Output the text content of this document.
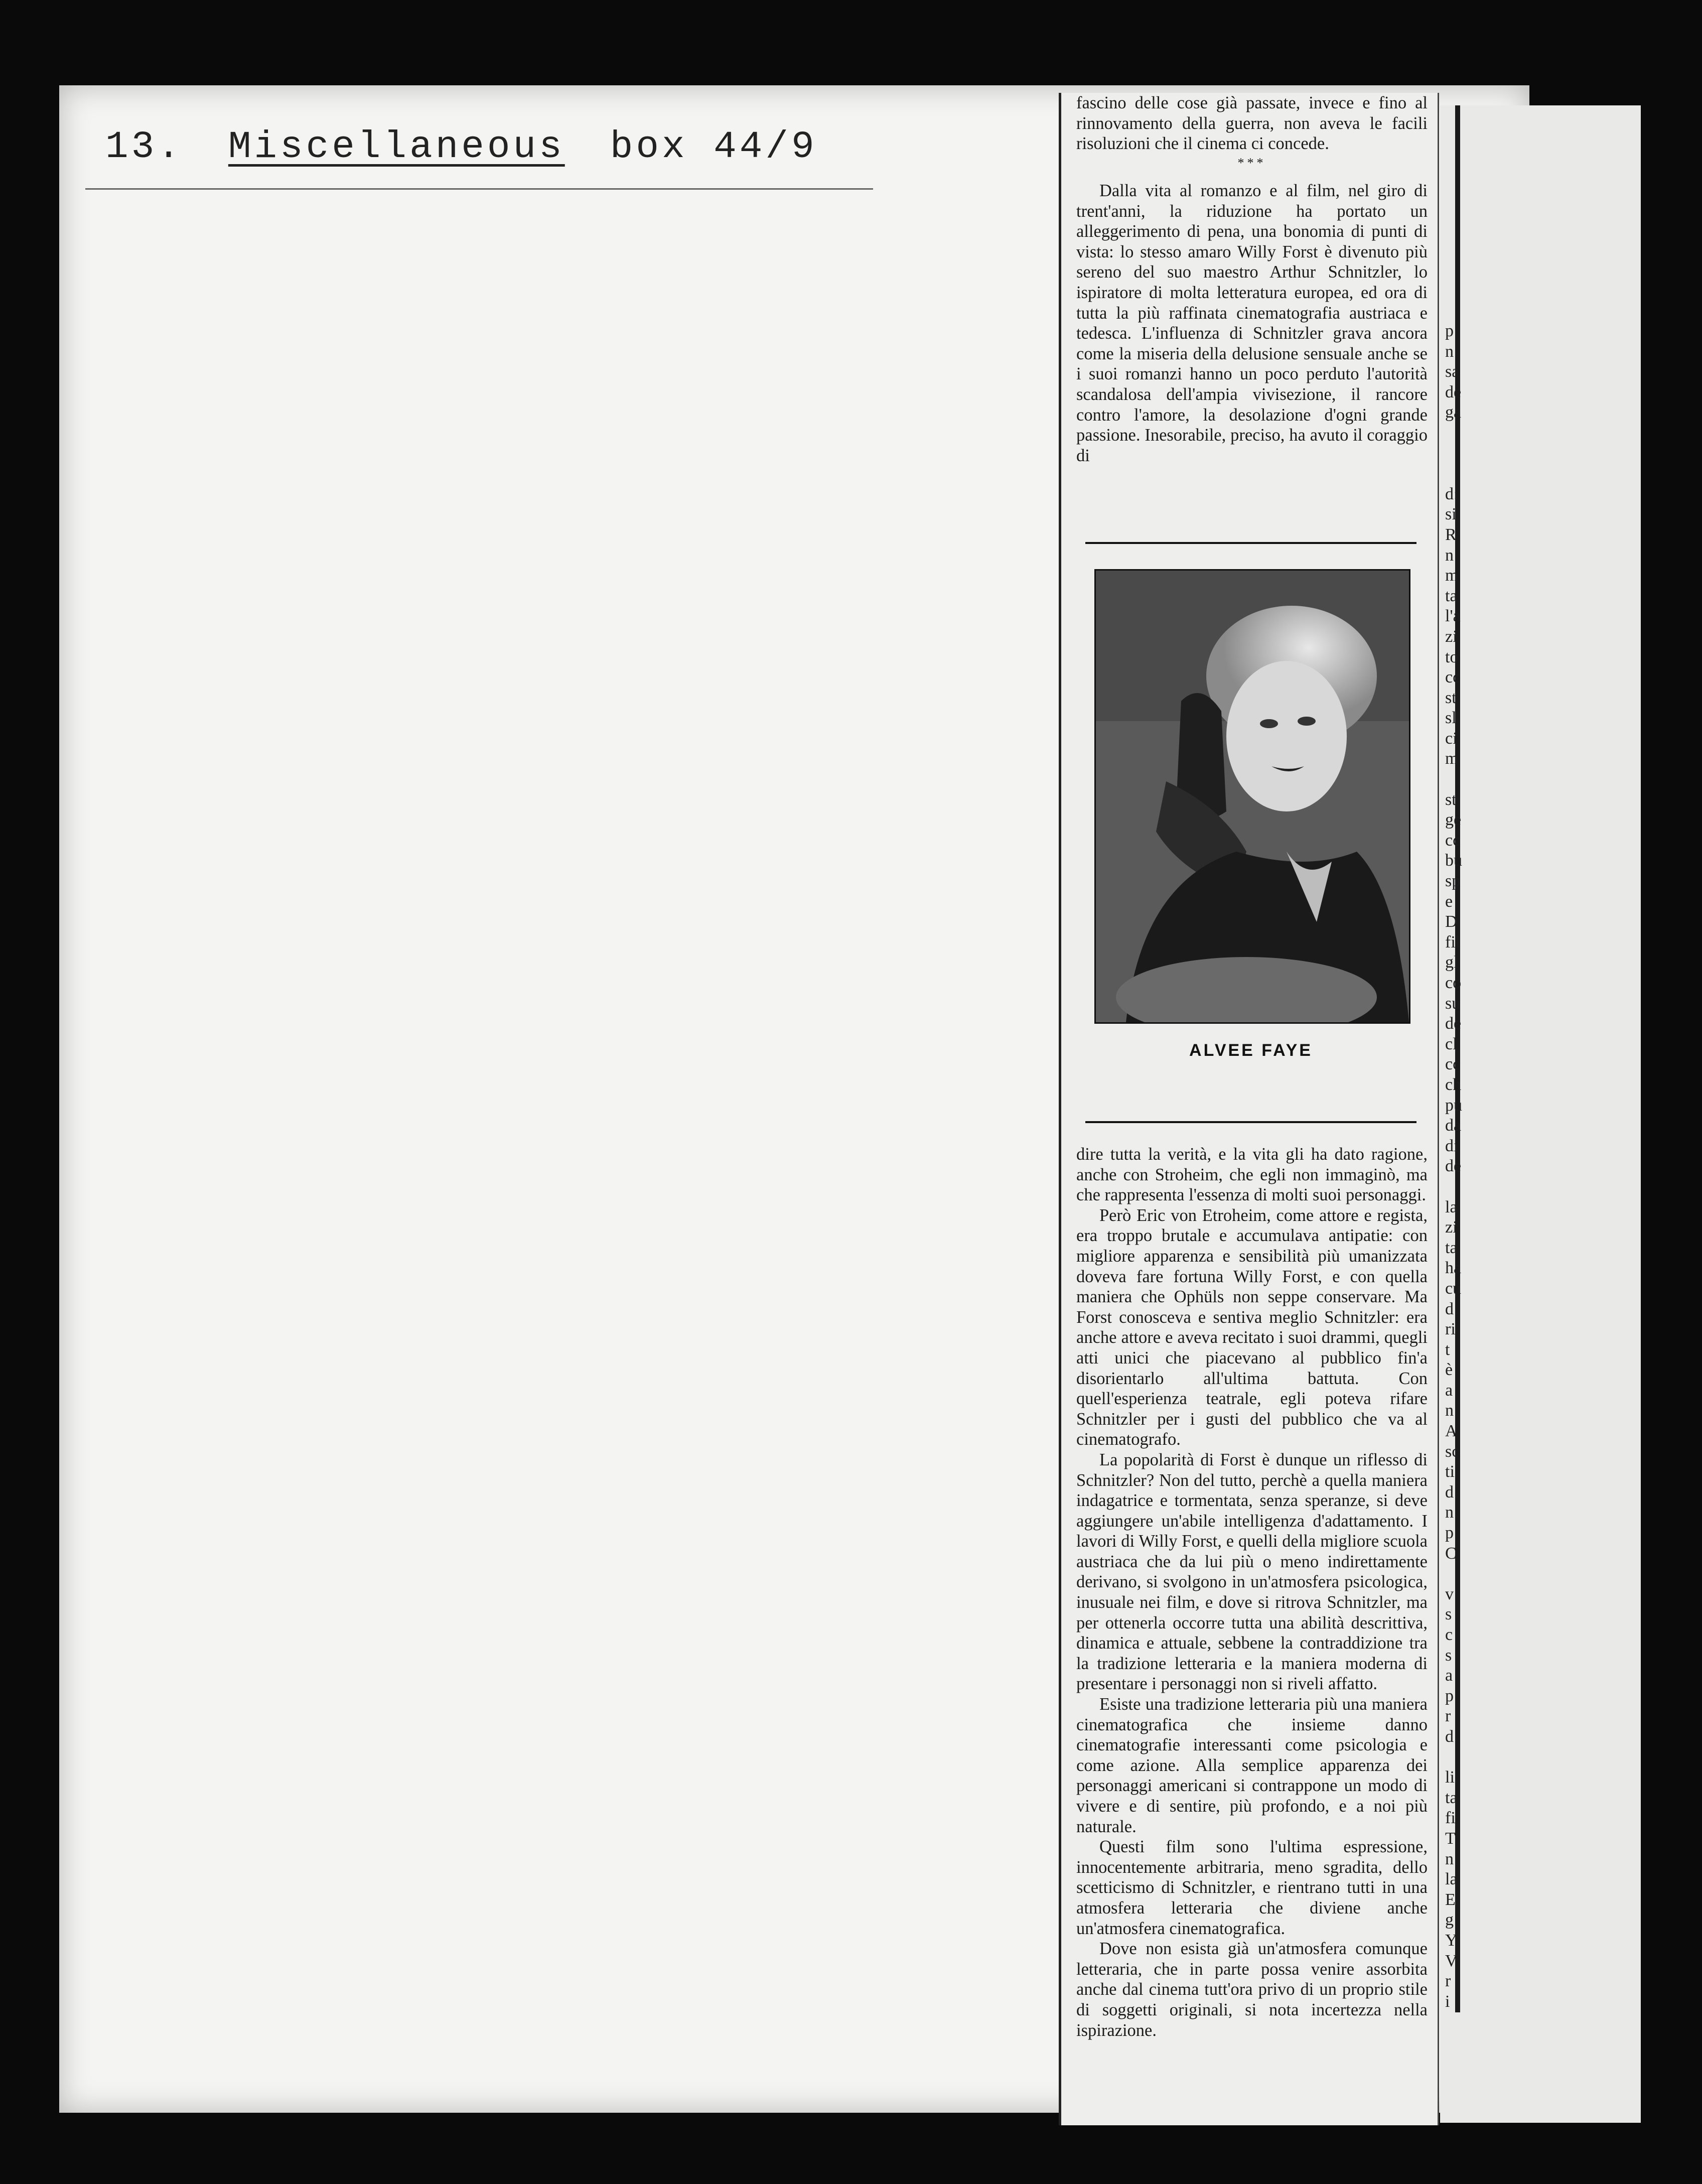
13. Miscellaneous box 44/9

fascino delle cose già passate, invece e fino al rinnovamento della guerra, non aveva le facili risoluzioni che il cinema ci concede.

***

Dalla vita al romanzo e al film, nel giro di trent'anni, la riduzione ha portato un alleggerimento di pena, una bonomia di punti di vista: lo stesso amaro Willy Forst è divenuto più sereno del suo maestro Arthur Schnitzler, lo ispiratore di molta letteratura europea, ed ora di tutta la più raffinata cinematografia austriaca e tedesca. L'influenza di Schnitzler grava ancora come la miseria della delusione sensuale anche se i suoi romanzi hanno un poco perduto l'autorità scandalosa dell'ampia vivisezione, il rancore contro l'amore, la desolazione d'ogni grande passione. Inesorabile, preciso, ha avuto il coraggio di

ALVEE FAYE

dire tutta la verità, e la vita gli ha dato ragione, anche con Stroheim, che egli non immaginò, ma che rappresenta l'essenza di molti suoi personaggi.

Però Eric von Etroheim, come attore e regista, era troppo brutale e accumulava antipatie: con migliore apparenza e sensibilità più umanizzata doveva fare fortuna Willy Forst, e con quella maniera che Ophüls non seppe conservare. Ma Forst conosceva e sentiva meglio Schnitzler: era anche attore e aveva recitato i suoi drammi, quegli atti unici che piacevano al pubblico fin'a disorientarlo all'ultima battuta. Con quell'esperienza teatrale, egli poteva rifare Schnitzler per i gusti del pubblico che va al cinematografo.

La popolarità di Forst è dunque un riflesso di Schnitzler? Non del tutto, perchè a quella maniera indagatrice e tormentata, senza speranze, si deve aggiungere un'abile intelligenza d'adattamento. I lavori di Willy Forst, e quelli della migliore scuola austriaca che da lui più o meno indirettamente derivano, si svolgono in un'atmosfera psicologica, inusuale nei film, e dove si ritrova Schnitzler, ma per ottenerla occorre tutta una abilità descrittiva, dinamica e attuale, sebbene la contraddizione tra la tradizione letteraria e la maniera moderna di presentare i personaggi non si riveli affatto.

Esiste una tradizione letteraria più una maniera cinematografica che insieme danno cinematografie interessanti come psicologia e come azione. Alla semplice apparenza dei personaggi americani si contrappone un modo di vivere e di sentire, più profondo, e a noi più naturale.

Questi film sono l'ultima espressione, innocentemente arbitraria, meno sgradita, dello scetticismo di Schnitzler, e rientrano tutti in una atmosfera letteraria che diviene anche un'atmosfera cinematografica.

Dove non esista già un'atmosfera comunque letteraria, che in parte possa venire assorbita anche dal cinema tutt'ora privo di un proprio stile di soggetti originali, si nota incertezza nella ispirazione.

p
n
sa
de
ga
d:
si
R
n
m
ta
l'a
zi
to
cc
st
sl
ci
m
st
ge
cc
bu
sp
e
D
fil
gl
co
su
de
cl
cc
ch
pu
da
di
de
la
zi
ta
ha
cu
d
ri
t
è
a
n
A
sc
ti
d
n
p
C
v
s
c
s
a
p
r
d
li
ta
fi
T
n
la
E
g
Y
V
r
i
